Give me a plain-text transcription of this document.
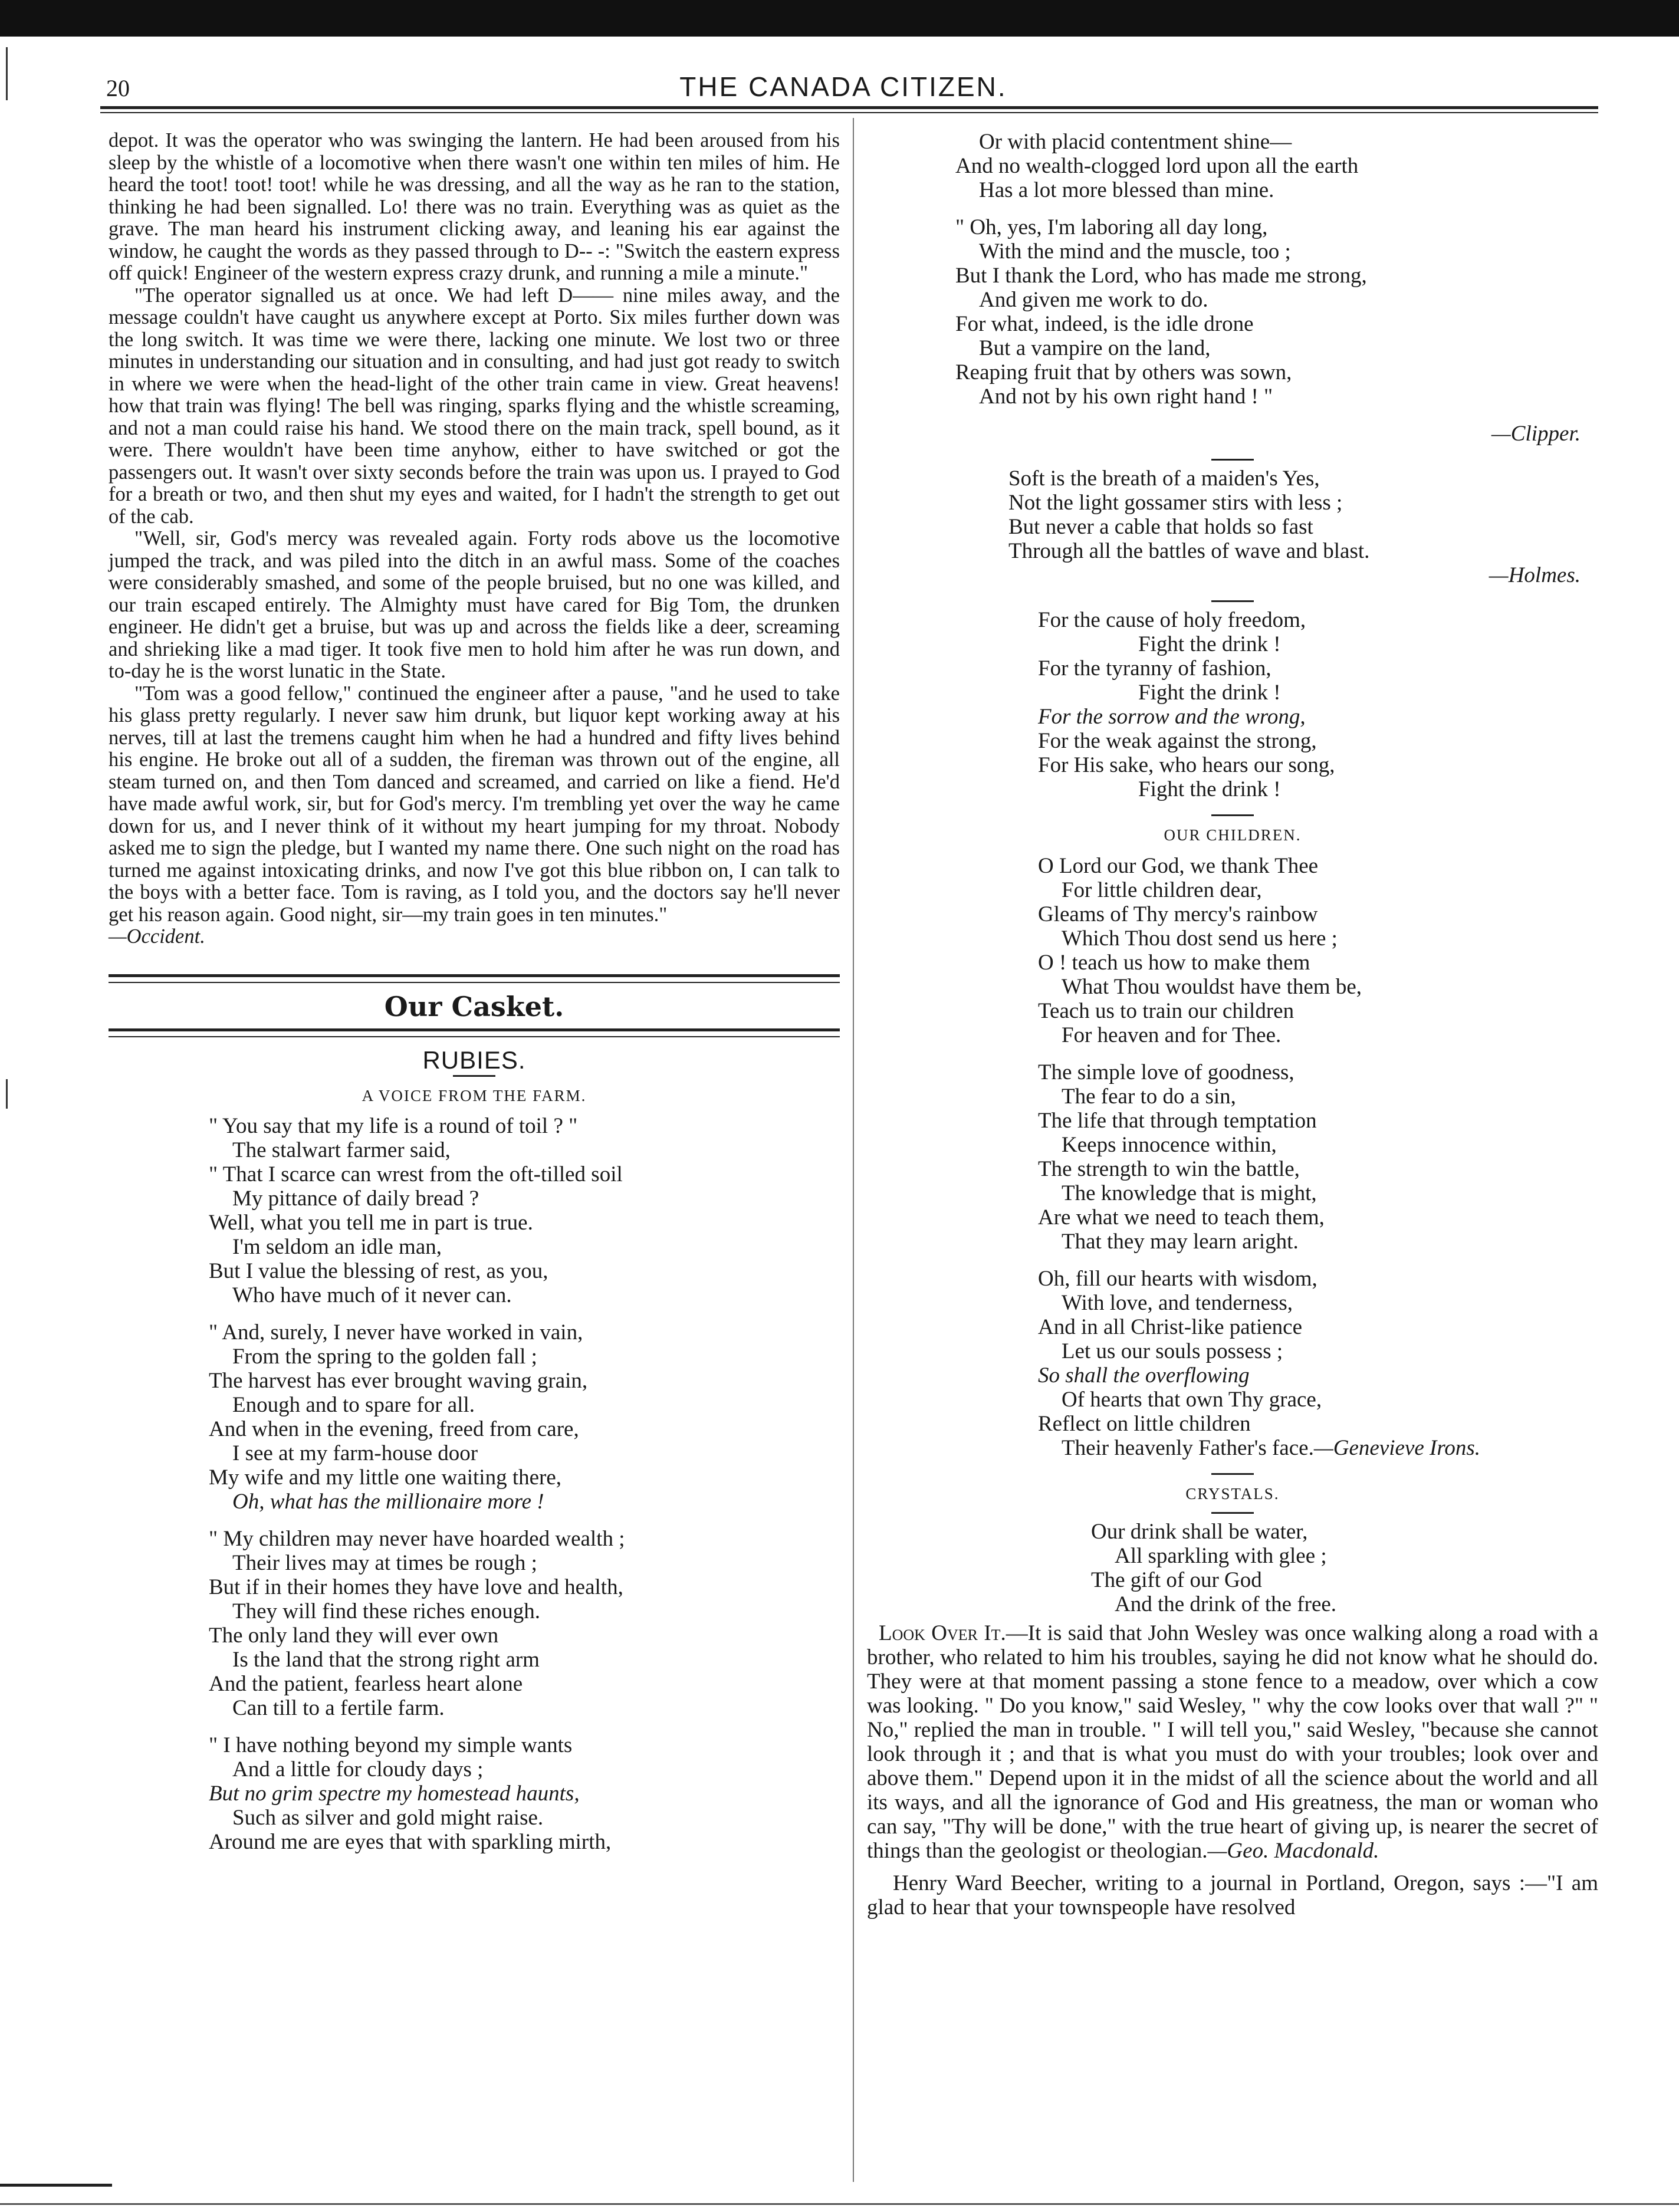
20	THE CANADA CITIZEN.

depot. It was the operator who was swinging the lantern. He had been aroused from his sleep by the whistle of a locomotive when there wasn't one within ten miles of him. He heard the toot! toot! toot! while he was dressing, and all the way as he ran to the station, thinking he had been signalled. Lo! there was no train. Everything was as quiet as the grave. The man heard his instrument clicking away, and leaning his ear against the window, he caught the words as they passed through to D-- -: "Switch the eastern express off quick! Engineer of the western express crazy drunk, and running a mile a minute."

"The operator signalled us at once. We had left D—— nine miles away, and the message couldn't have caught us anywhere except at Porto. Six miles further down was the long switch. It was time we were there, lacking one minute. We lost two or three minutes in understanding our situation and in consulting, and had just got ready to switch in where we were when the head-light of the other train came in view. Great heavens! how that train was flying! The bell was ringing, sparks flying and the whistle screaming, and not a man could raise his hand. We stood there on the main track, spell bound, as it were. There wouldn't have been time anyhow, either to have switched or got the passengers out. It wasn't over sixty seconds before the train was upon us. I prayed to God for a breath or two, and then shut my eyes and waited, for I hadn't the strength to get out of the cab.

"Well, sir, God's mercy was revealed again. Forty rods above us the locomotive jumped the track, and was piled into the ditch in an awful mass. Some of the coaches were considerably smashed, and some of the people bruised, but no one was killed, and our train escaped entirely. The Almighty must have cared for Big Tom, the drunken engineer. He didn't get a bruise, but was up and across the fields like a deer, screaming and shrieking like a mad tiger. It took five men to hold him after he was run down, and to-day he is the worst lunatic in the State.

"Tom was a good fellow," continued the engineer after a pause, "and he used to take his glass pretty regularly. I never saw him drunk, but liquor kept working away at his nerves, till at last the tremens caught him when he had a hundred and fifty lives behind his engine. He broke out all of a sudden, the fireman was thrown out of the engine, all steam turned on, and then Tom danced and screamed, and carried on like a fiend. He'd have made awful work, sir, but for God's mercy. I'm trembling yet over the way he came down for us, and I never think of it without my heart jumping for my throat. Nobody asked me to sign the pledge, but I wanted my name there. One such night on the road has turned me against intoxicating drinks, and now I've got this blue ribbon on, I can talk to the boys with a better face. Tom is raving, as I told you, and the doctors say he'll never get his reason again. Good night, sir—my train goes in ten minutes."

—Occident.

Our Casket.
RUBIES.
A VOICE FROM THE FARM.
" You say that my life is a round of toil ? "
The stalwart farmer said,
" That I scarce can wrest from the oft-tilled soil
My pittance of daily bread ?
Well, what you tell me in part is true.
I'm seldom an idle man,
But I value the blessing of rest, as you,
Who have much of it never can.
" And, surely, I never have worked in vain,
From the spring to the golden fall ;
The harvest has ever brought waving grain,
Enough and to spare for all.
And when in the evening, freed from care,
I see at my farm-house door
My wife and my little one waiting there,
Oh, what has the millionaire more !
" My children may never have hoarded wealth ;
Their lives may at times be rough ;
But if in their homes they have love and health,
They will find these riches enough.
The only land they will ever own
Is the land that the strong right arm
And the patient, fearless heart alone
Can till to a fertile farm.
" I have nothing beyond my simple wants
And a little for cloudy days ;
But no grim spectre my homestead haunts,
Such as silver and gold might raise.
Around me are eyes that with sparkling mirth,
Or with placid contentment shine—
And no wealth-clogged lord upon all the earth
Has a lot more blessed than mine.
" Oh, yes, I'm laboring all day long,
With the mind and the muscle, too ;
But I thank the Lord, who has made me strong,
And given me work to do.
For what, indeed, is the idle drone
But a vampire on the land,
Reaping fruit that by others was sown,
And not by his own right hand ! "
—Clipper.
Soft is the breath of a maiden's Yes,
Not the light gossamer stirs with less ;
But never a cable that holds so fast
Through all the battles of wave and blast.
—Holmes.
For the cause of holy freedom,
Fight the drink !
For the tyranny of fashion,
Fight the drink !
For the sorrow and the wrong,
For the weak against the strong,
For His sake, who hears our song,
Fight the drink !
OUR CHILDREN.
O Lord our God, we thank Thee
For little children dear,
Gleams of Thy mercy's rainbow
Which Thou dost send us here ;
O ! teach us how to make them
What Thou wouldst have them be,
Teach us to train our children
For heaven and for Thee.
The simple love of goodness,
The fear to do a sin,
The life that through temptation
Keeps innocence within,
The strength to win the battle,
The knowledge that is might,
Are what we need to teach them,
That they may learn aright.
Oh, fill our hearts with wisdom,
With love, and tenderness,
And in all Christ-like patience
Let us our souls possess ;
So shall the overflowing
Of hearts that own Thy grace,
Reflect on little children
Their heavenly Father's face.—Genevieve Irons.
CRYSTALS.
Our drink shall be water,
All sparkling with glee ;
The gift of our God
And the drink of the free.

Look Over It.—It is said that John Wesley was once walking along a road with a brother, who related to him his troubles, saying he did not know what he should do. They were at that moment passing a stone fence to a meadow, over which a cow was looking. " Do you know," said Wesley, " why the cow looks over that wall ?" " No," replied the man in trouble. " I will tell you," said Wesley, "because she cannot look through it ; and that is what you must do with your troubles; look over and above them." Depend upon it in the midst of all the science about the world and all its ways, and all the ignorance of God and His greatness, the man or woman who can say, "Thy will be done," with the true heart of giving up, is nearer the secret of things than the geologist or theologian.—Geo. Macdonald.

Henry Ward Beecher, writing to a journal in Portland, Oregon, says :—"I am glad to hear that your townspeople have resolved
